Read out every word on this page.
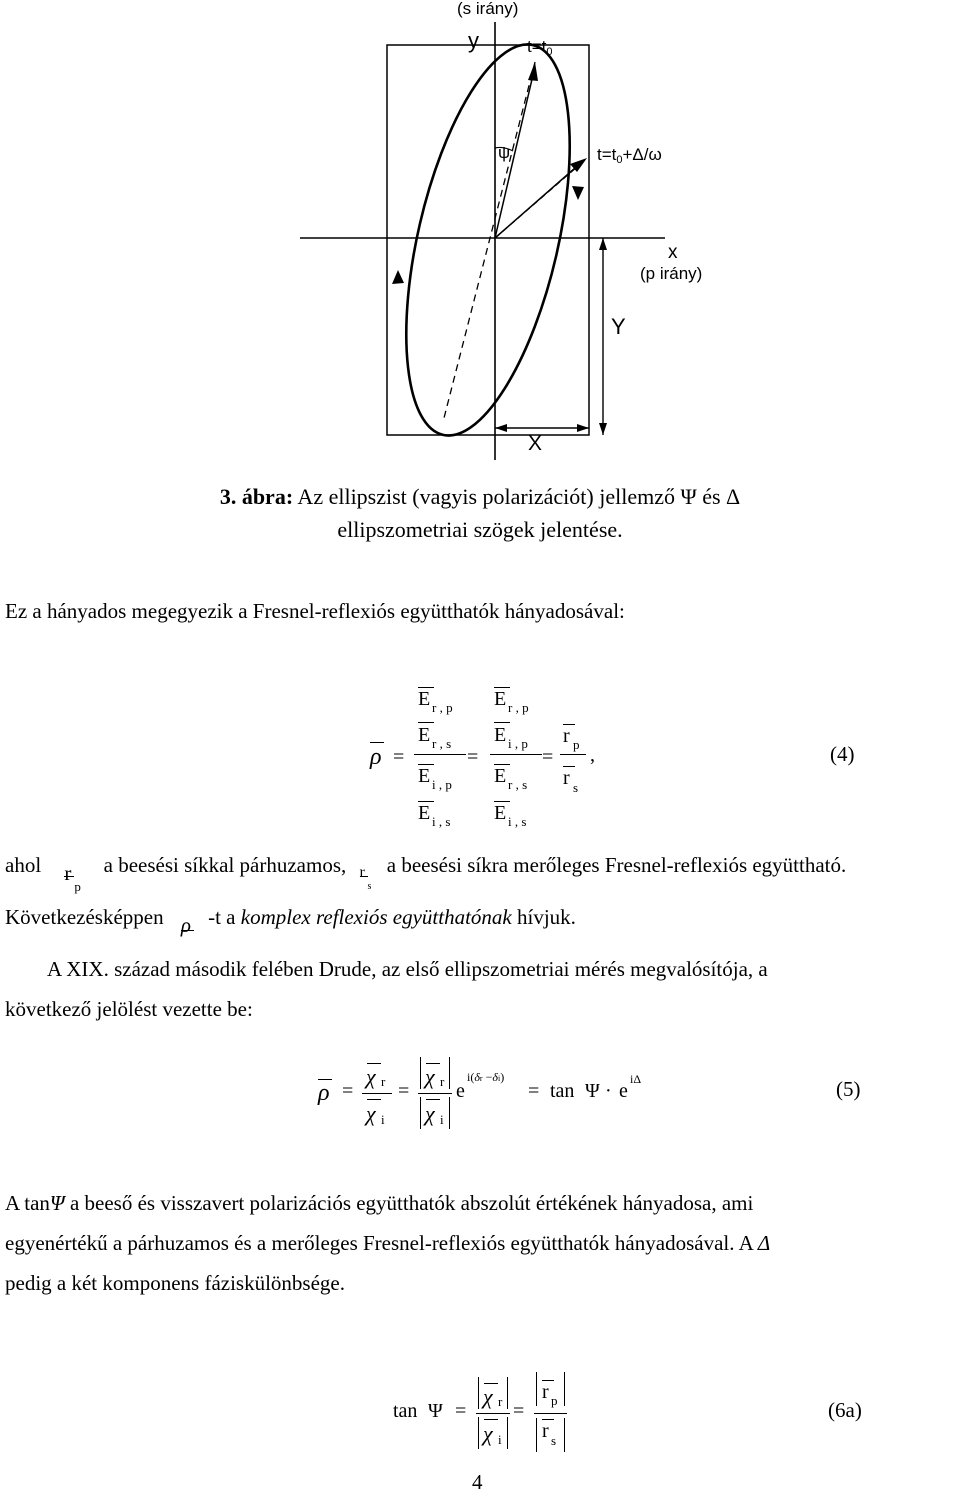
(s irány)
y	t=t0
ψ	t=t0+Δ/ω
x
(p irány)
Y
X
3. ábra: Az ellipszist (vagyis polarizációt) jellemző Ψ és Δ
ellipszometriai szögek jelentése.
Ez a hányados megegyezik a Fresnel-reflexiós együtthatók hányadosával:
ρ =
E r , p
E r , s
E i , p
E i , s
=
E r , p
E i , p
E r , s
E i , s
=
r p
r s
,	(4)
ahol r
p
a beesési síkkal párhuzamos, r
s
a beesési síkra merőleges Fresnel-reflexiós együttható.
Következésképpen ρ -t a komplex reflexiós együtthatónak hívjuk.
A XIX. század második felében Drude, az első ellipszometriai mérés megvalósítója, a
következő jelölést vezette be:
ρ =
χ r
χ i
=
χ r
χ i
e
i(δr −δi)
= tan Ψ · e
iΔ	(5)
A tanΨ a beeső és visszavert polarizációs együtthatók abszolút értékének hányadosa, ami
egyenértékű a párhuzamos és a merőleges Fresnel-reflexiós együtthatók hányadosával. A Δ
pedig a két komponens fáziskülönbsége.
tan Ψ =
χ r
χ i
=
r p
r s
(6a)
4
